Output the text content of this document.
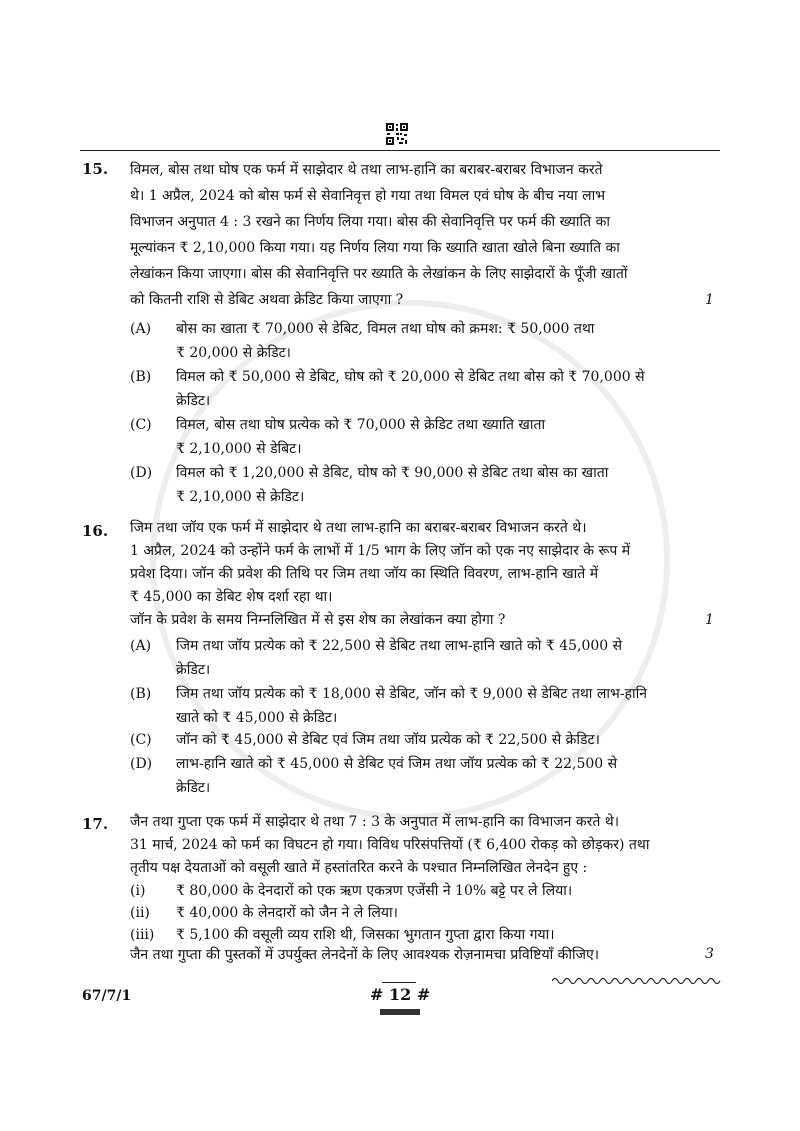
15. विमल, बोस तथा घोष एक फर्म में साझेदार थे तथा लाभ-हानि का बराबर-बराबर विभाजन करते
थे। 1 अप्रैल, 2024 को बोस फर्म से सेवानिवृत्त हो गया तथा विमल एवं घोष के बीच नया लाभ
विभाजन अनुपात 4 : 3 रखने का निर्णय लिया गया। बोस की सेवानिवृत्ति पर फर्म की ख्याति का
मूल्यांकन ₹ 2,10,000 किया गया। यह निर्णय लिया गया कि ख्याति खाता खोले बिना ख्याति का
लेखांकन किया जाएगा। बोस की सेवानिवृत्ति पर ख्याति के लेखांकन के लिए साझेदारों के पूँजी खातों
को कितनी राशि से डेबिट अथवा क्रेडिट किया जाएगा ?	1
(A)	बोस का खाता ₹ 70,000 से डेबिट, विमल तथा घोष को क्रमश: ₹ 50,000 तथा
₹ 20,000 से क्रेडिट।
(B)	विमल को ₹ 50,000 से डेबिट, घोष को ₹ 20,000 से डेबिट तथा बोस को ₹ 70,000 से
क्रेडिट।
(C)	विमल, बोस तथा घोष प्रत्येक को ₹ 70,000 से क्रेडिट तथा ख्याति खाता
₹ 2,10,000 से डेबिट।
(D)	विमल को ₹ 1,20,000 से डेबिट, घोष को ₹ 90,000 से डेबिट तथा बोस का खाता
₹ 2,10,000 से क्रेडिट।
16. जिम तथा जॉय एक फर्म में साझेदार थे तथा लाभ-हानि का बराबर-बराबर विभाजन करते थे।
1 अप्रैल, 2024 को उन्होंने फर्म के लाभों में 1/5 भाग के लिए जॉन को एक नए साझेदार के रूप में
प्रवेश दिया। जॉन की प्रवेश की तिथि पर जिम तथा जॉय का स्थिति विवरण, लाभ-हानि खाते में
₹ 45,000 का डेबिट शेष दर्शा रहा था।
जॉन के प्रवेश के समय निम्नलिखित में से इस शेष का लेखांकन क्या होगा ?	1
(A)	जिम तथा जॉय प्रत्येक को ₹ 22,500 से डेबिट तथा लाभ-हानि खाते को ₹ 45,000 से
क्रेडिट।
(B)	जिम तथा जॉय प्रत्येक को ₹ 18,000 से डेबिट, जॉन को ₹ 9,000 से डेबिट तथा लाभ-हानि
खाते को ₹ 45,000 से क्रेडिट।
(C)	जॉन को ₹ 45,000 से डेबिट एवं जिम तथा जॉय प्रत्येक को ₹ 22,500 से क्रेडिट।
(D)	लाभ-हानि खाते को ₹ 45,000 से डेबिट एवं जिम तथा जॉय प्रत्येक को ₹ 22,500 से
क्रेडिट।
17. जैन तथा गुप्ता एक फर्म में साझेदार थे तथा 7 : 3 के अनुपात में लाभ-हानि का विभाजन करते थे।
31 मार्च, 2024 को फर्म का विघटन हो गया। विविध परिसंपत्तियों (₹ 6,400 रोकड़ को छोड़कर) तथा
तृतीय पक्ष देयताओं को वसूली खाते में हस्तांतरित करने के पश्चात निम्नलिखित लेनदेन हुए :
(i)	₹ 80,000 के देनदारों को एक ऋण एकत्रण एजेंसी ने 10% बट्टे पर ले लिया।
(ii)	₹ 40,000 के लेनदारों को जैन ने ले लिया।
(iii)	₹ 5,100 की वसूली व्यय राशि थी, जिसका भुगतान गुप्ता द्वारा किया गया।
जैन तथा गुप्ता की पुस्तकों में उपर्युक्त लेनदेनों के लिए आवश्यक रोज़नामचा प्रविष्टियाँ कीजिए।	3
67/7/1	# 12 #
